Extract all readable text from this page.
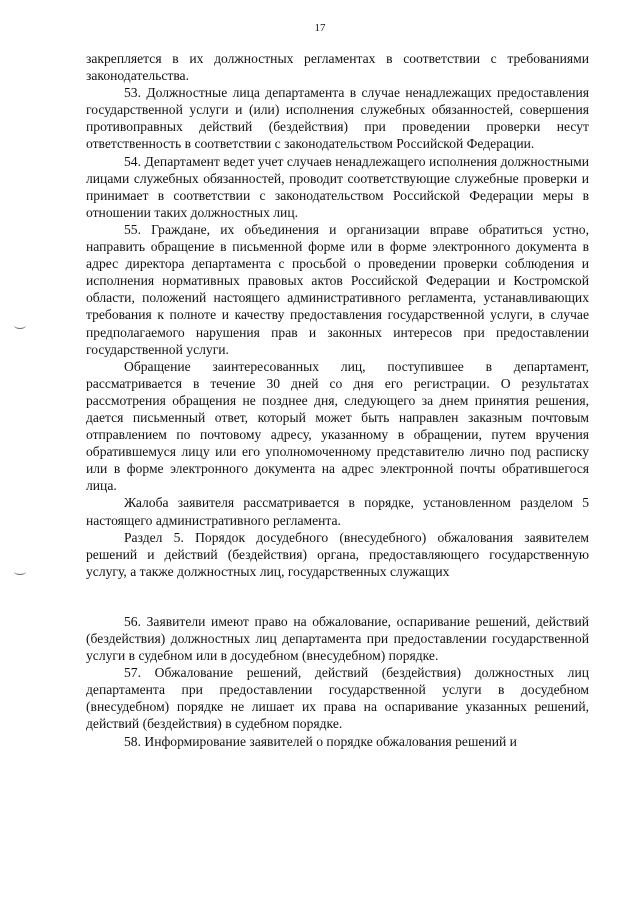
17

закрепляется в их должностных регламентах в соответствии с требованиями законодательства.

53. Должностные лица департамента в случае ненадлежащих предоставления государственной услуги и (или) исполнения служебных обязанностей, совершения противоправных действий (бездействия) при проведении проверки несут ответственность в соответствии с законодательством Российской Федерации.

54. Департамент ведет учет случаев ненадлежащего исполнения должностными лицами служебных обязанностей, проводит соответствующие служебные проверки и принимает в соответствии с законодательством Российской Федерации меры в отношении таких должностных лиц.

55. Граждане, их объединения и организации вправе обратиться устно, направить обращение в письменной форме или в форме электронного документа в адрес директора департамента с просьбой о проведении проверки соблюдения и исполнения нормативных правовых актов Российской Федерации и Костромской области, положений настоящего административного регламента, устанавливающих требования к полноте и качеству предоставления государственной услуги, в случае предполагаемого нарушения прав и законных интересов при предоставлении государственной услуги.

Обращение заинтересованных лиц, поступившее в департамент, рассматривается в течение 30 дней со дня его регистрации. О результатах рассмотрения обращения не позднее дня, следующего за днем принятия решения, дается письменный ответ, который может быть направлен заказным почтовым отправлением по почтовому адресу, указанному в обращении, путем вручения обратившемуся лицу или его уполномоченному представителю лично под расписку или в форме электронного документа на адрес электронной почты обратившегося лица.

Жалоба заявителя рассматривается в порядке, установленном разделом 5 настоящего административного регламента.

Раздел 5. Порядок досудебного (внесудебного) обжалования заявителем решений и действий (бездействия) органа, предоставляющего государственную услугу, а также должностных лиц, государственных служащих

56. Заявители имеют право на обжалование, оспаривание решений, действий (бездействия) должностных лиц департамента при предоставлении государственной услуги в судебном или в досудебном (внесудебном) порядке.

57. Обжалование решений, действий (бездействия) должностных лиц департамента при предоставлении государственной услуги в досудебном (внесудебном) порядке не лишает их права на оспаривание указанных решений, действий (бездействия) в судебном порядке.

58. Информирование заявителей о порядке обжалования решений и
